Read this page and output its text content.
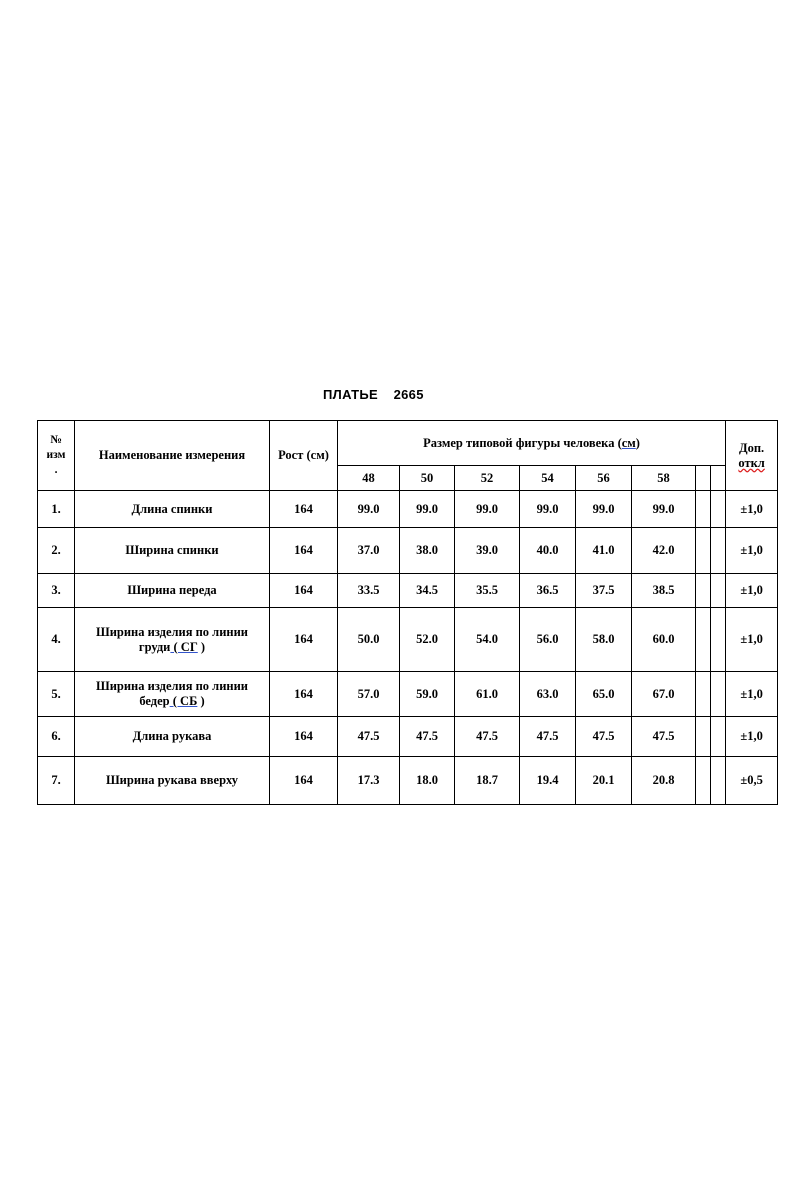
ПЛАТЬЕ    2665
№
изм
.	Наименование измерения	Рост (см)	Размер типовой фигуры человека (см)								Доп.
откл

			48	50	52	54	56	58			
1.	Длина спинки	164	99.0	99.0	99.0	99.0	99.0	99.0			±1,0
2.	Ширина спинки	164	37.0	38.0	39.0	40.0	41.0	42.0			±1,0
3.	Ширина переда	164	33.5	34.5	35.5	36.5	37.5	38.5			±1,0
4.	Ширина изделия по линии
груди ( СГ )	164	50.0	52.0	54.0	56.0	58.0	60.0			±1,0
5.	Ширина изделия по линии
бедер ( СБ )	164	57.0	59.0	61.0	63.0	65.0	67.0			±1,0
6.	Длина рукава	164	47.5	47.5	47.5	47.5	47.5	47.5			±1,0
7.	Ширина рукава вверху	164	17.3	18.0	18.7	19.4	20.1	20.8			±0,5
